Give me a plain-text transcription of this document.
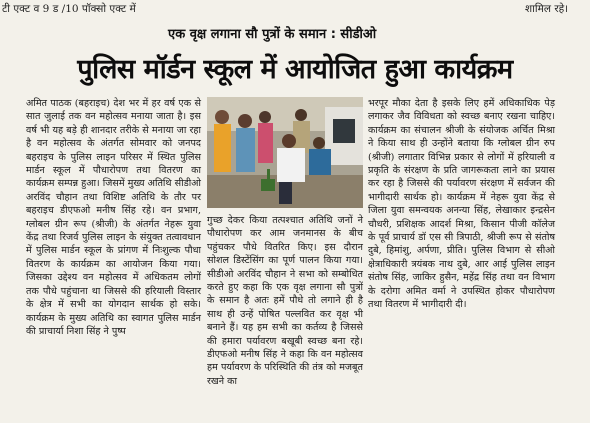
टी एक्ट व 9 ड /10 पॉक्सो एक्ट में	शामिल रहे।
एक वृक्ष लगाना सौ पुत्रों के समान : सीडीओ
पुलिस मॉर्डन स्कूल में आयोजित हुआ कार्यक्रम
अमित पाठक (बहराइच) देश भर में हर वर्ष एक से सात जुलाई तक वन महोत्सव मनाया जाता है। इस वर्ष भी यह बड़े ही शानदार तरीके से मनाया जा रहा है वन महोत्सव के अंतर्गत सोमवार को जनपद बहराइच के पुलिस लाइन परिसर में स्थित पुलिस मार्डन स्कूल में पौधारोपण तथा वितरण का कार्यक्रम सम्पन्न हुआ। जिसमें मुख्य अतिथि सीडीओ अरविंद चौहान तथा विशिष्ट अतिथि के तौर पर बहराइच डीएफओ मनीष सिंह रहे। वन प्रभाग, ग्लोबल ग्रीन रूप (श्रीजी) के अंतर्गत नेहरू युवा केंद्र तथा रिजर्व पुलिस लाइन के संयुक्त तत्वावधान में पुलिस मार्डन स्कूल के प्रांगण में निःशुल्क पौधा वितरण के कार्यक्रम का आयोजन किया गया। जिसका उद्देश्य वन महोत्सव में अधिकतम लोगों तक पौधे पहुंचाना था जिससे की हरियाली विस्तार के क्षेत्र में सभी का योगदान सार्थक हो सके। कार्यक्रम के मुख्य अतिथि का स्वागत पुलिस मार्डन की प्राचार्या निशा सिंह ने पुष्प
गुच्छ देकर किया तत्पश्चात अतिथि जनों ने पौधारोपण कर आम जनमानस के बीच पहुंचकर पौधे वितरित किए। इस दौरान सोशल डिस्टेंसिंग का पूर्ण पालन किया गया। सीडीओ अरविंद चौहान ने सभा को सम्बोधित करते हुए कहा कि एक वृक्ष लगाना सौ पुत्रों के समान है अतः हमें पौधे तो लगाने ही है साथ ही उन्हें पोषित पल्लवित कर वृक्ष भी बनाने हैं। यह हम सभी का कर्तव्य है जिससे की हमारा पर्यावरण बखूबी स्वच्छ बना रहे। डीएफओ मनीष सिंह ने कहा कि वन महोत्सव हम पर्यावरण के परिस्थिति की तंत्र को मजबूत रखने का
भरपूर मौका देता है इसके लिए हमें अधिकाधिक पेड़ लगाकर जैव विविधता को स्वच्छ बनाए रखना चाहिए। कार्यक्रम का संचालन श्रीजी के संयोजक अर्चित मिश्रा ने किया साथ ही उन्होंने बताया कि ग्लोबल ग्रीन रुप (श्रीजी) लगातार विभिन्न प्रकार से लोगों में हरियाली व प्रकृति के संरक्षण के प्रति जागरूकता लाने का प्रयास कर रहा है जिससे की पर्यावरण संरक्षण में सर्वजन की भागीदारी सार्थक हो। कार्यक्रम में नेहरू युवा केंद्र से जिला युवा समन्वयक अनन्या सिंह, लेखाकार इन्द्रसेन चौधरी, प्रशिक्षक आदर्श मिश्रा, किसान पीजी कॉलेज के पूर्व प्राचार्य डॉ एस सी त्रिपाठी, श्रीजी रूप से संतोष दुबे, हिमांशु, अर्पणा, प्रीति। पुलिस विभाग से सीओ क्षेत्राधिकारी त्रयंबक नाथ दुबे, आर आई पुलिस लाइन संतोष सिंह, जाकिर हुसैन, महेंद्र सिंह तथा वन विभाग के दरोगा अमित वर्मा ने उपस्थित होकर पौधारोपण तथा वितरण में भागीदारी दी।
